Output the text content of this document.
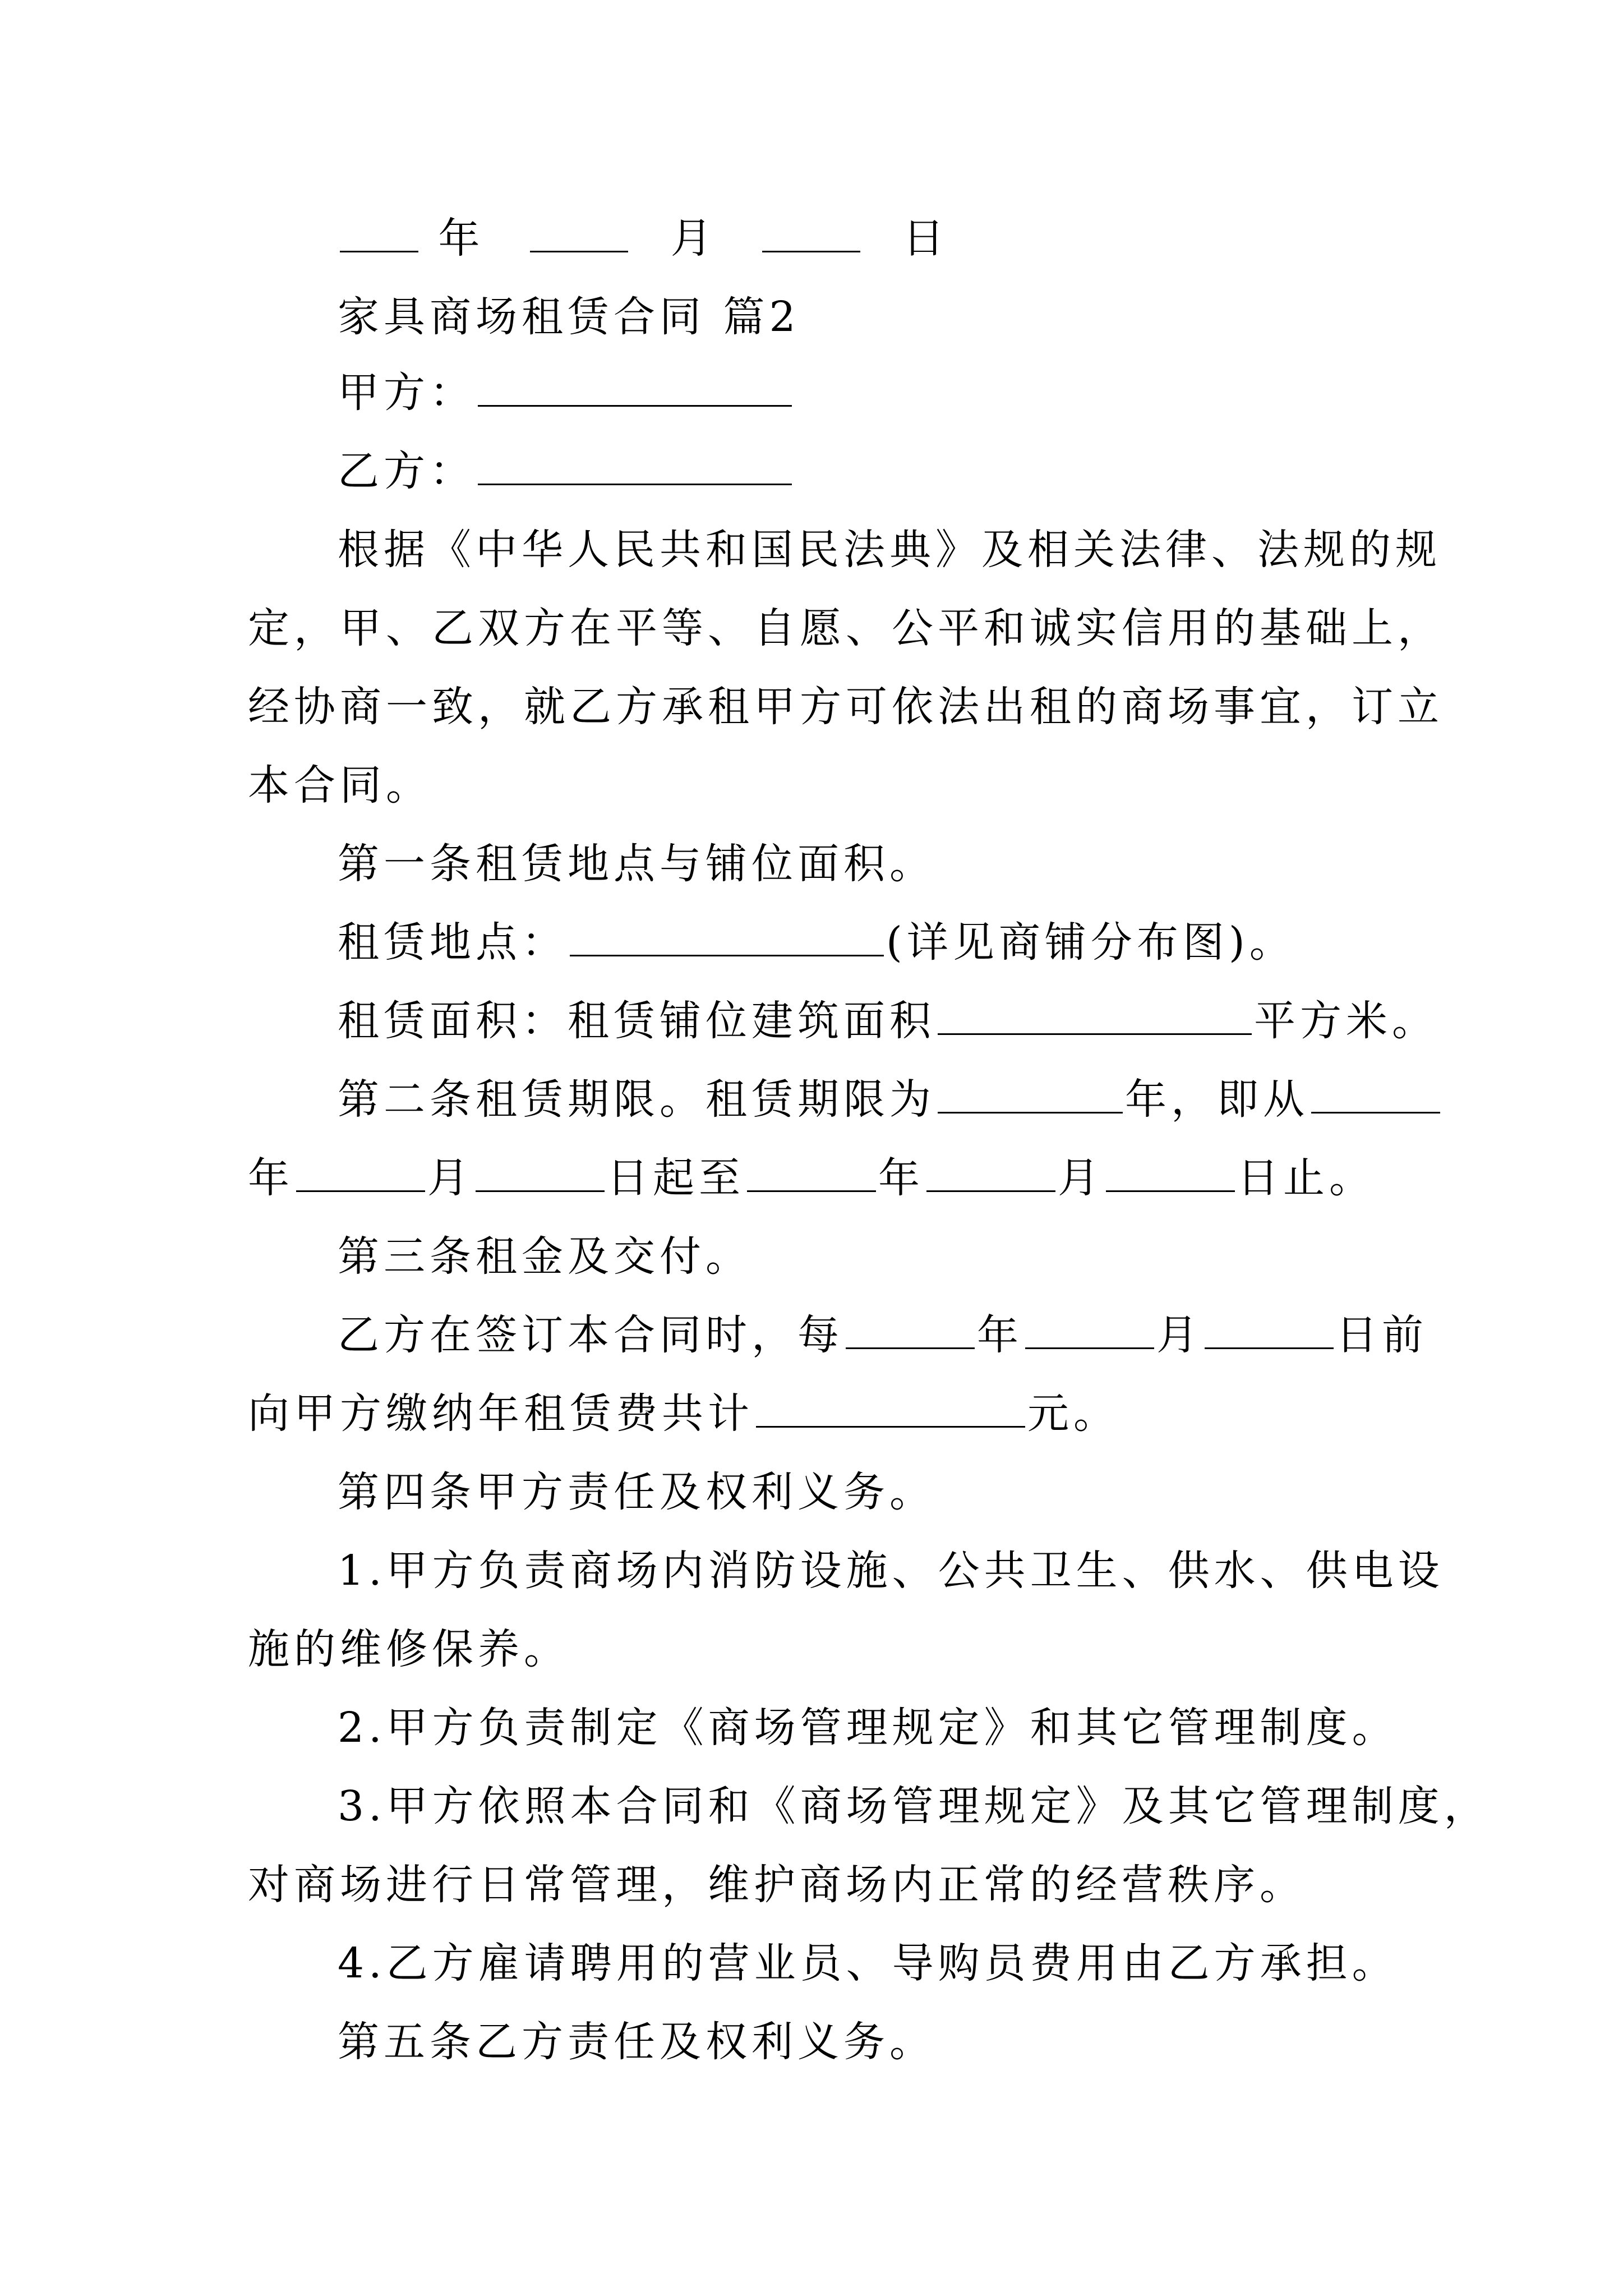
年	月	日
家具商场租赁合同 篇2
甲方：
乙方：
根据《中华人民共和国民法典》及相关法律、法规的规
定，甲、乙双方在平等、自愿、公平和诚实信用的基础上，
经协商一致，就乙方承租甲方可依法出租的商场事宜，订立
本合同。
第一条租赁地点与铺位面积。
租赁地点：	(详见商铺分布图)。
租赁面积：租赁铺位建筑面积	平方米。
第二条租赁期限。租赁期限为	年，即从
年	月	日起至	年	月	日止。
第三条租金及交付。
乙方在签订本合同时，每	年	月	日前
向甲方缴纳年租赁费共计	元。
第四条甲方责任及权利义务。
1.甲方负责商场内消防设施、公共卫生、供水、供电设
施的维修保养。
2.甲方负责制定《商场管理规定》和其它管理制度。
3.甲方依照本合同和《商场管理规定》及其它管理制度，
对商场进行日常管理，维护商场内正常的经营秩序。
4.乙方雇请聘用的营业员、导购员费用由乙方承担。
第五条乙方责任及权利义务。
